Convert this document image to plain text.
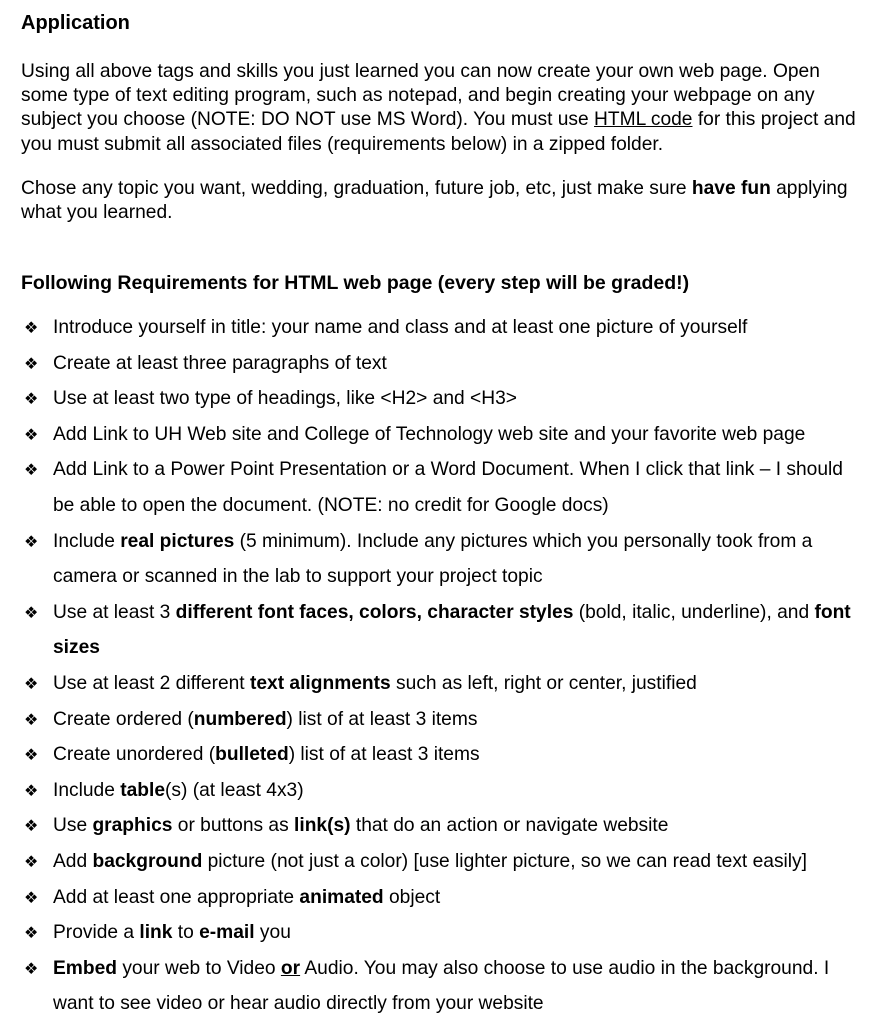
Application

Using all above tags and skills you just learned you can now create your own web page. Open some type of text editing program, such as notepad, and begin creating your webpage on any subject you choose (NOTE: DO NOT use MS Word). You must use HTML code for this project and you must submit all associated files (requirements below) in a zipped folder.

Chose any topic you want, wedding, graduation, future job, etc, just make sure have fun applying what you learned.

Following Requirements for HTML web page (every step will be graded!)
❖ Introduce yourself in title: your name and class and at least one picture of yourself
❖ Create at least three paragraphs of text
❖ Use at least two type of headings, like <H2> and <H3>
❖ Add Link to UH Web site and College of Technology web site and your favorite web page
❖ Add Link to a Power Point Presentation or a Word Document. When I click that link – I should be able to open the document. (NOTE: no credit for Google docs)
❖ Include real pictures (5 minimum). Include any pictures which you personally took from a camera or scanned in the lab to support your project topic
❖ Use at least 3 different font faces, colors, character styles (bold, italic, underline), and font sizes
❖ Use at least 2 different text alignments such as left, right or center, justified
❖ Create ordered (numbered) list of at least 3 items
❖ Create unordered (bulleted) list of at least 3 items
❖ Include table(s) (at least 4x3)
❖ Use graphics or buttons as link(s) that do an action or navigate website
❖ Add background picture (not just a color) [use lighter picture, so we can read text easily]
❖ Add at least one appropriate animated object
❖ Provide a link to e-mail you
❖ Embed your web to Video or Audio. You may also choose to use audio in the background. I want to see video or hear audio directly from your website
